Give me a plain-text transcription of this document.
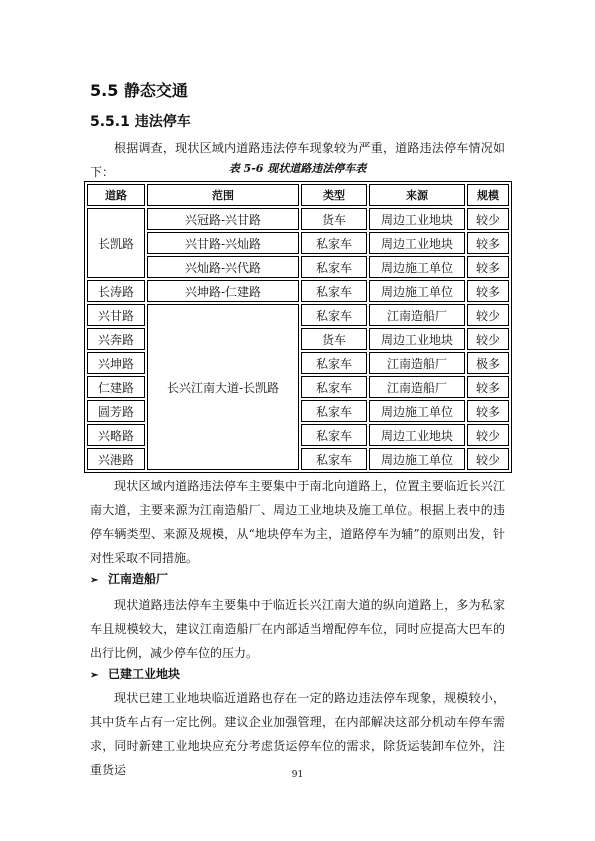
5.5 静态交通
5.5.1 违法停车

根据调查，现状区域内道路违法停车现象较为严重，道路违法停车情况如下：	表 5-6 现状道路违法停车表
道路	范围	类型	来源	规模
长凯路	兴冠路-兴甘路	货车	周边工业地块	较少
	兴甘路-兴灿路	私家车	周边工业地块	较多
	兴灿路-兴代路	私家车	周边施工单位	较多
长涛路	兴坤路-仁建路	私家车	周边施工单位	较多
兴甘路	长兴江南大道-长凯路	私家车	江南造船厂	较少
兴奔路		货车	周边工业地块	较少
兴坤路		私家车	江南造船厂	极多
仁建路		私家车	江南造船厂	较多
圆芳路		私家车	周边施工单位	较多
兴略路		私家车	周边工业地块	较少
兴港路		私家车	周边施工单位	较少

现状区域内道路违法停车主要集中于南北向道路上，位置主要临近长兴江南大道，主要来源为江南造船厂、周边工业地块及施工单位。根据上表中的违停车辆类型、来源及规模，从“地块停车为主，道路停车为辅”的原则出发，针对性采取不同措施。

➢ 江南造船厂

现状道路违法停车主要集中于临近长兴江南大道的纵向道路上，多为私家车且规模较大，建议江南造船厂在内部适当增配停车位，同时应提高大巴车的出行比例，减少停车位的压力。

➢ 已建工业地块

现状已建工业地块临近道路也存在一定的路边违法停车现象，规模较小，其中货车占有一定比例。建议企业加强管理，在内部解决这部分机动车停车需求，同时新建工业地块应充分考虑货运停车位的需求，除货运装卸车位外，注重货运	91
